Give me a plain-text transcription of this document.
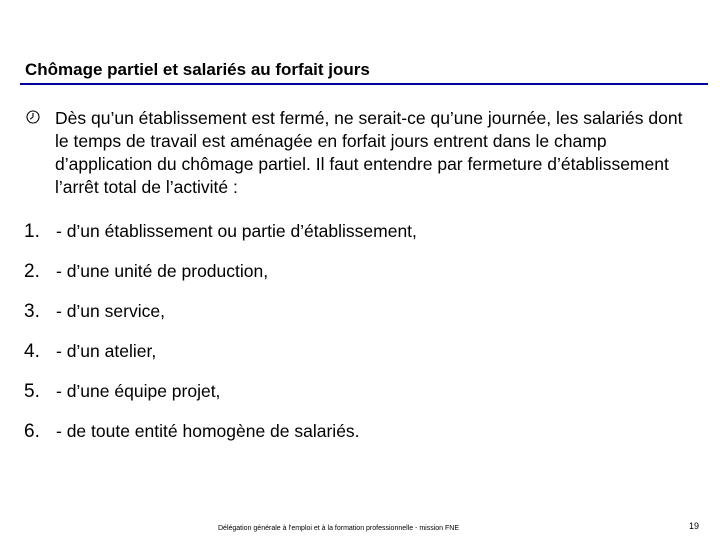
Chômage partiel et salariés au forfait jours
Dès qu’un établissement est fermé, ne serait-ce qu’une journée, les salariés dont le temps de travail est aménagée en forfait jours entrent dans le champ d’application du chômage partiel. Il faut entendre par fermeture d’établissement l’arrêt total de l’activité :
1. - d’un établissement ou partie d’établissement,
2. - d’une unité de production,
3. - d’un service,
4. - d’un atelier,
5. - d’une équipe projet,
6. - de toute entité homogène de salariés.
Délégation générale à l'emploi et à la formation professionnelle - mission FNE	19
